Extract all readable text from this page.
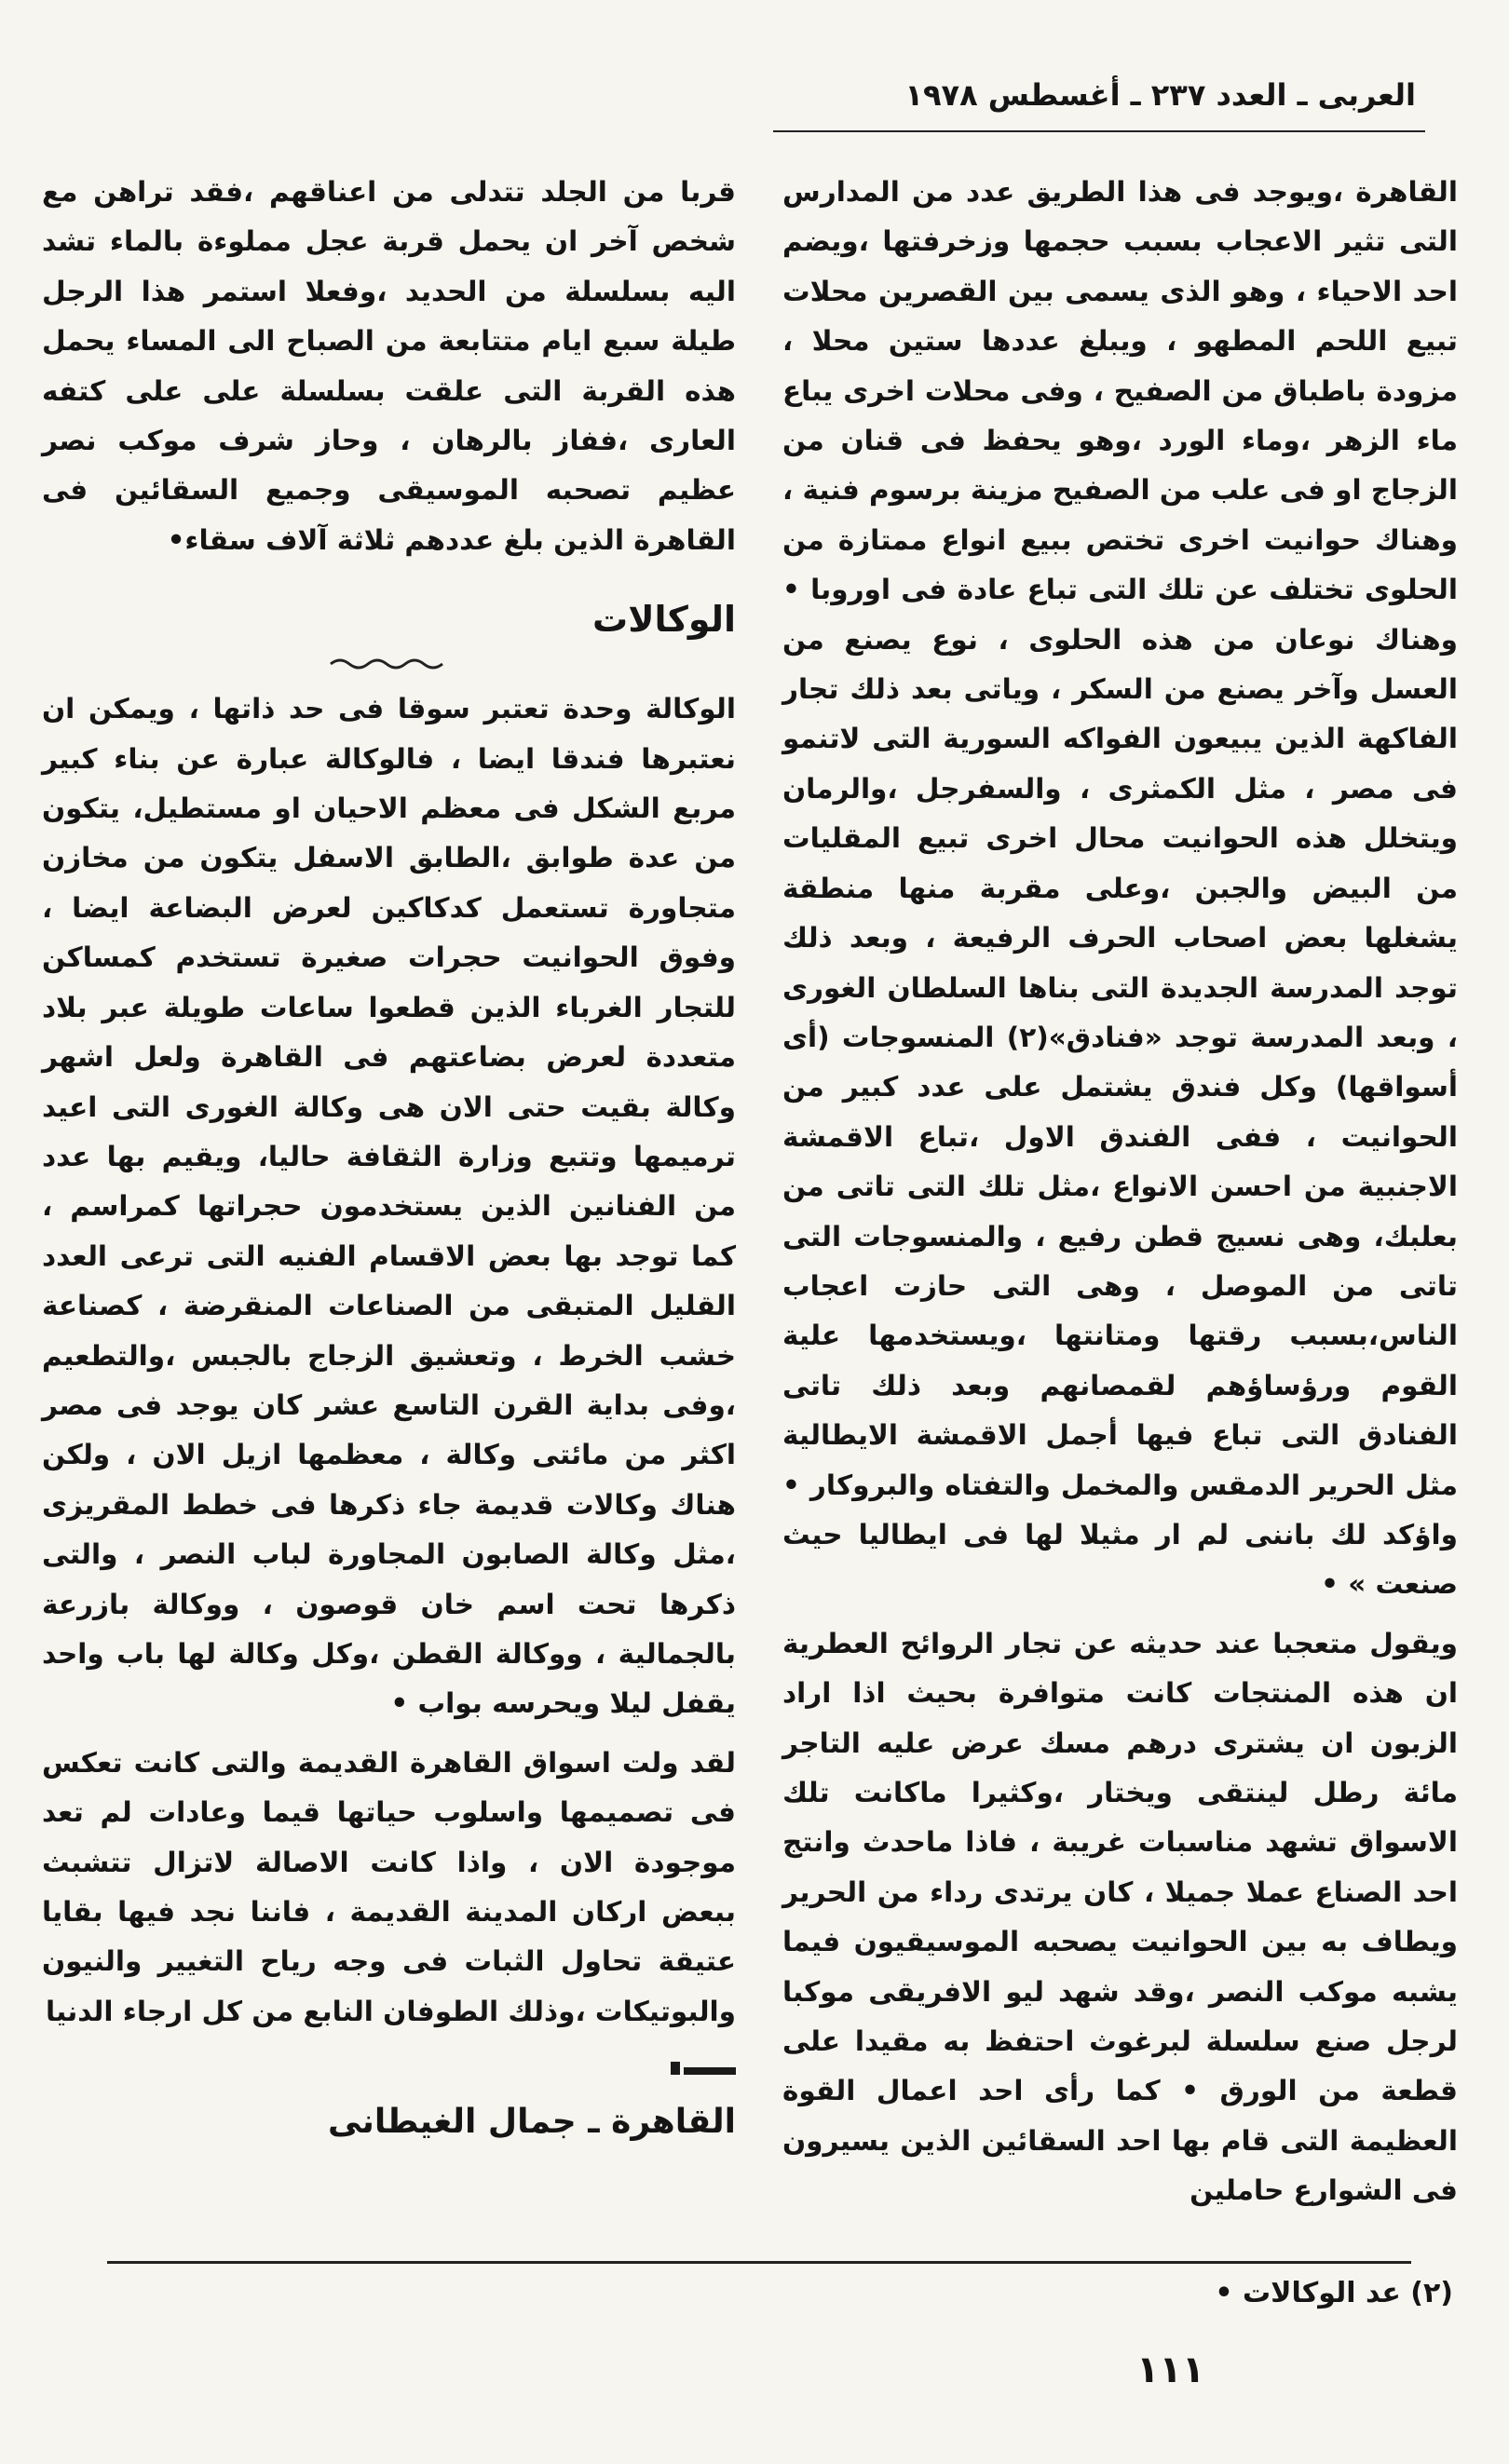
العربى ـ العدد ٢٣٧ ـ أغسطس ١٩٧٨

القاهرة ،ويوجد فى هذا الطريق عدد من المدارس التى تثير الاعجاب بسبب حجمها وزخرفتها ،ويضم احد الاحياء ، وهو الذى يسمى بين القصرين محلات تبيع اللحم المطهو ، ويبلغ عددها ستين محلا ، مزودة باطباق من الصفيح ، وفى محلات اخرى يباع ماء الزهر ،وماء الورد ،وهو يحفظ فى قنان من الزجاج او فى علب من الصفيح مزينة برسوم فنية ، وهناك حوانيت اخرى تختص ببيع انواع ممتازة من الحلوى تختلف عن تلك التى تباع عادة فى اوروبا • وهناك نوعان من هذه الحلوى ، نوع يصنع من العسل وآخر يصنع من السكر ، وياتى بعد ذلك تجار الفاكهة الذين يبيعون الفواكه السورية التى لاتنمو فى مصر ، مثل الكمثرى ، والسفرجل ،والرمان ويتخلل هذه الحوانيت محال اخرى تبيع المقليات من البيض والجبن ،وعلى مقربة منها منطقة يشغلها بعض اصحاب الحرف الرفيعة ، وبعد ذلك توجد المدرسة الجديدة التى بناها السلطان الغورى ، وبعد المدرسة توجد «فنادق»(٢) المنسوجات (أى أسواقها) وكل فندق يشتمل على عدد كبير من الحوانيت ، ففى الفندق الاول ،تباع الاقمشة الاجنبية من احسن الانواع ،مثل تلك التى تاتى من بعلبك، وهى نسيج قطن رفيع ، والمنسوجات التى تاتى من الموصل ، وهى التى حازت اعجاب الناس،بسبب رقتها ومتانتها ،ويستخدمها علية القوم ورؤساؤهم لقمصانهم وبعد ذلك تاتى الفنادق التى تباع فيها أجمل الاقمشة الايطالية مثل الحرير الدمقس والمخمل والتفتاه والبروكار • واؤكد لك باننى لم ار مثيلا لها فى ايطاليا حيث صنعت » •

ويقول متعجبا عند حديثه عن تجار الروائح العطرية ان هذه المنتجات كانت متوافرة بحيث اذا اراد الزبون ان يشترى درهم مسك عرض عليه التاجر مائة رطل لينتقى ويختار ،وكثيرا ماكانت تلك الاسواق تشهد مناسبات غريبة ، فاذا ماحدث وانتج احد الصناع عملا جميلا ، كان يرتدى رداء من الحرير ويطاف به بين الحوانيت يصحبه الموسيقيون فيما يشبه موكب النصر ،وقد شهد ليو الافريقى موكبا لرجل صنع سلسلة لبرغوث احتفظ به مقيدا على قطعة من الورق • كما رأى احد اعمال القوة العظيمة التى قام بها احد السقائين الذين يسيرون فى الشوارع حاملين

قربا من الجلد تتدلى من اعناقهم ،فقد تراهن مع شخص آخر ان يحمل قربة عجل مملوءة بالماء تشد اليه بسلسلة من الحديد ،وفعلا استمر هذا الرجل طيلة سبع ايام متتابعة من الصباح الى المساء يحمل هذه القربة التى علقت بسلسلة على على كتفه العارى ،ففاز بالرهان ، وحاز شرف موكب نصر عظيم تصحبه الموسيقى وجميع السقائين فى القاهرة الذين بلغ عددهم ثلاثة آلاف سقاء•

الوكالات

الوكالة وحدة تعتبر سوقا فى حد ذاتها ، ويمكن ان نعتبرها فندقا ايضا ، فالوكالة عبارة عن بناء كبير مربع الشكل فى معظم الاحيان او مستطيل، يتكون من عدة طوابق ،الطابق الاسفل يتكون من مخازن متجاورة تستعمل كدكاكين لعرض البضاعة ايضا ، وفوق الحوانيت حجرات صغيرة تستخدم كمساكن للتجار الغرباء الذين قطعوا ساعات طويلة عبر بلاد متعددة لعرض بضاعتهم فى القاهرة ولعل اشهر وكالة بقيت حتى الان هى وكالة الغورى التى اعيد ترميمها وتتبع وزارة الثقافة حاليا، ويقيم بها عدد من الفنانين الذين يستخدمون حجراتها كمراسم ، كما توجد بها بعض الاقسام الفنيه التى ترعى العدد القليل المتبقى من الصناعات المنقرضة ، كصناعة خشب الخرط ، وتعشيق الزجاج بالجبس ،والتطعيم ،وفى بداية القرن التاسع عشر كان يوجد فى مصر اكثر من مائتى وكالة ، معظمها ازيل الان ، ولكن هناك وكالات قديمة جاء ذكرها فى خطط المقريزى ،مثل وكالة الصابون المجاورة لباب النصر ، والتى ذكرها تحت اسم خان قوصون ، ووكالة بازرعة بالجمالية ، ووكالة القطن ،وكل وكالة لها باب واحد يقفل ليلا ويحرسه بواب •

لقد ولت اسواق القاهرة القديمة والتى كانت تعكس فى تصميمها واسلوب حياتها قيما وعادات لم تعد موجودة الان ، واذا كانت الاصالة لاتزال تتشبث ببعض اركان المدينة القديمة ، فاننا نجد فيها بقايا عتيقة تحاول الثبات فى وجه رياح التغيير والنيون والبوتيكات ،وذلك الطوفان النابع من كل ارجاء الدنيا

القاهرة ـ جمال الغيطانى
(٢) عد الوكالات •
١١١
